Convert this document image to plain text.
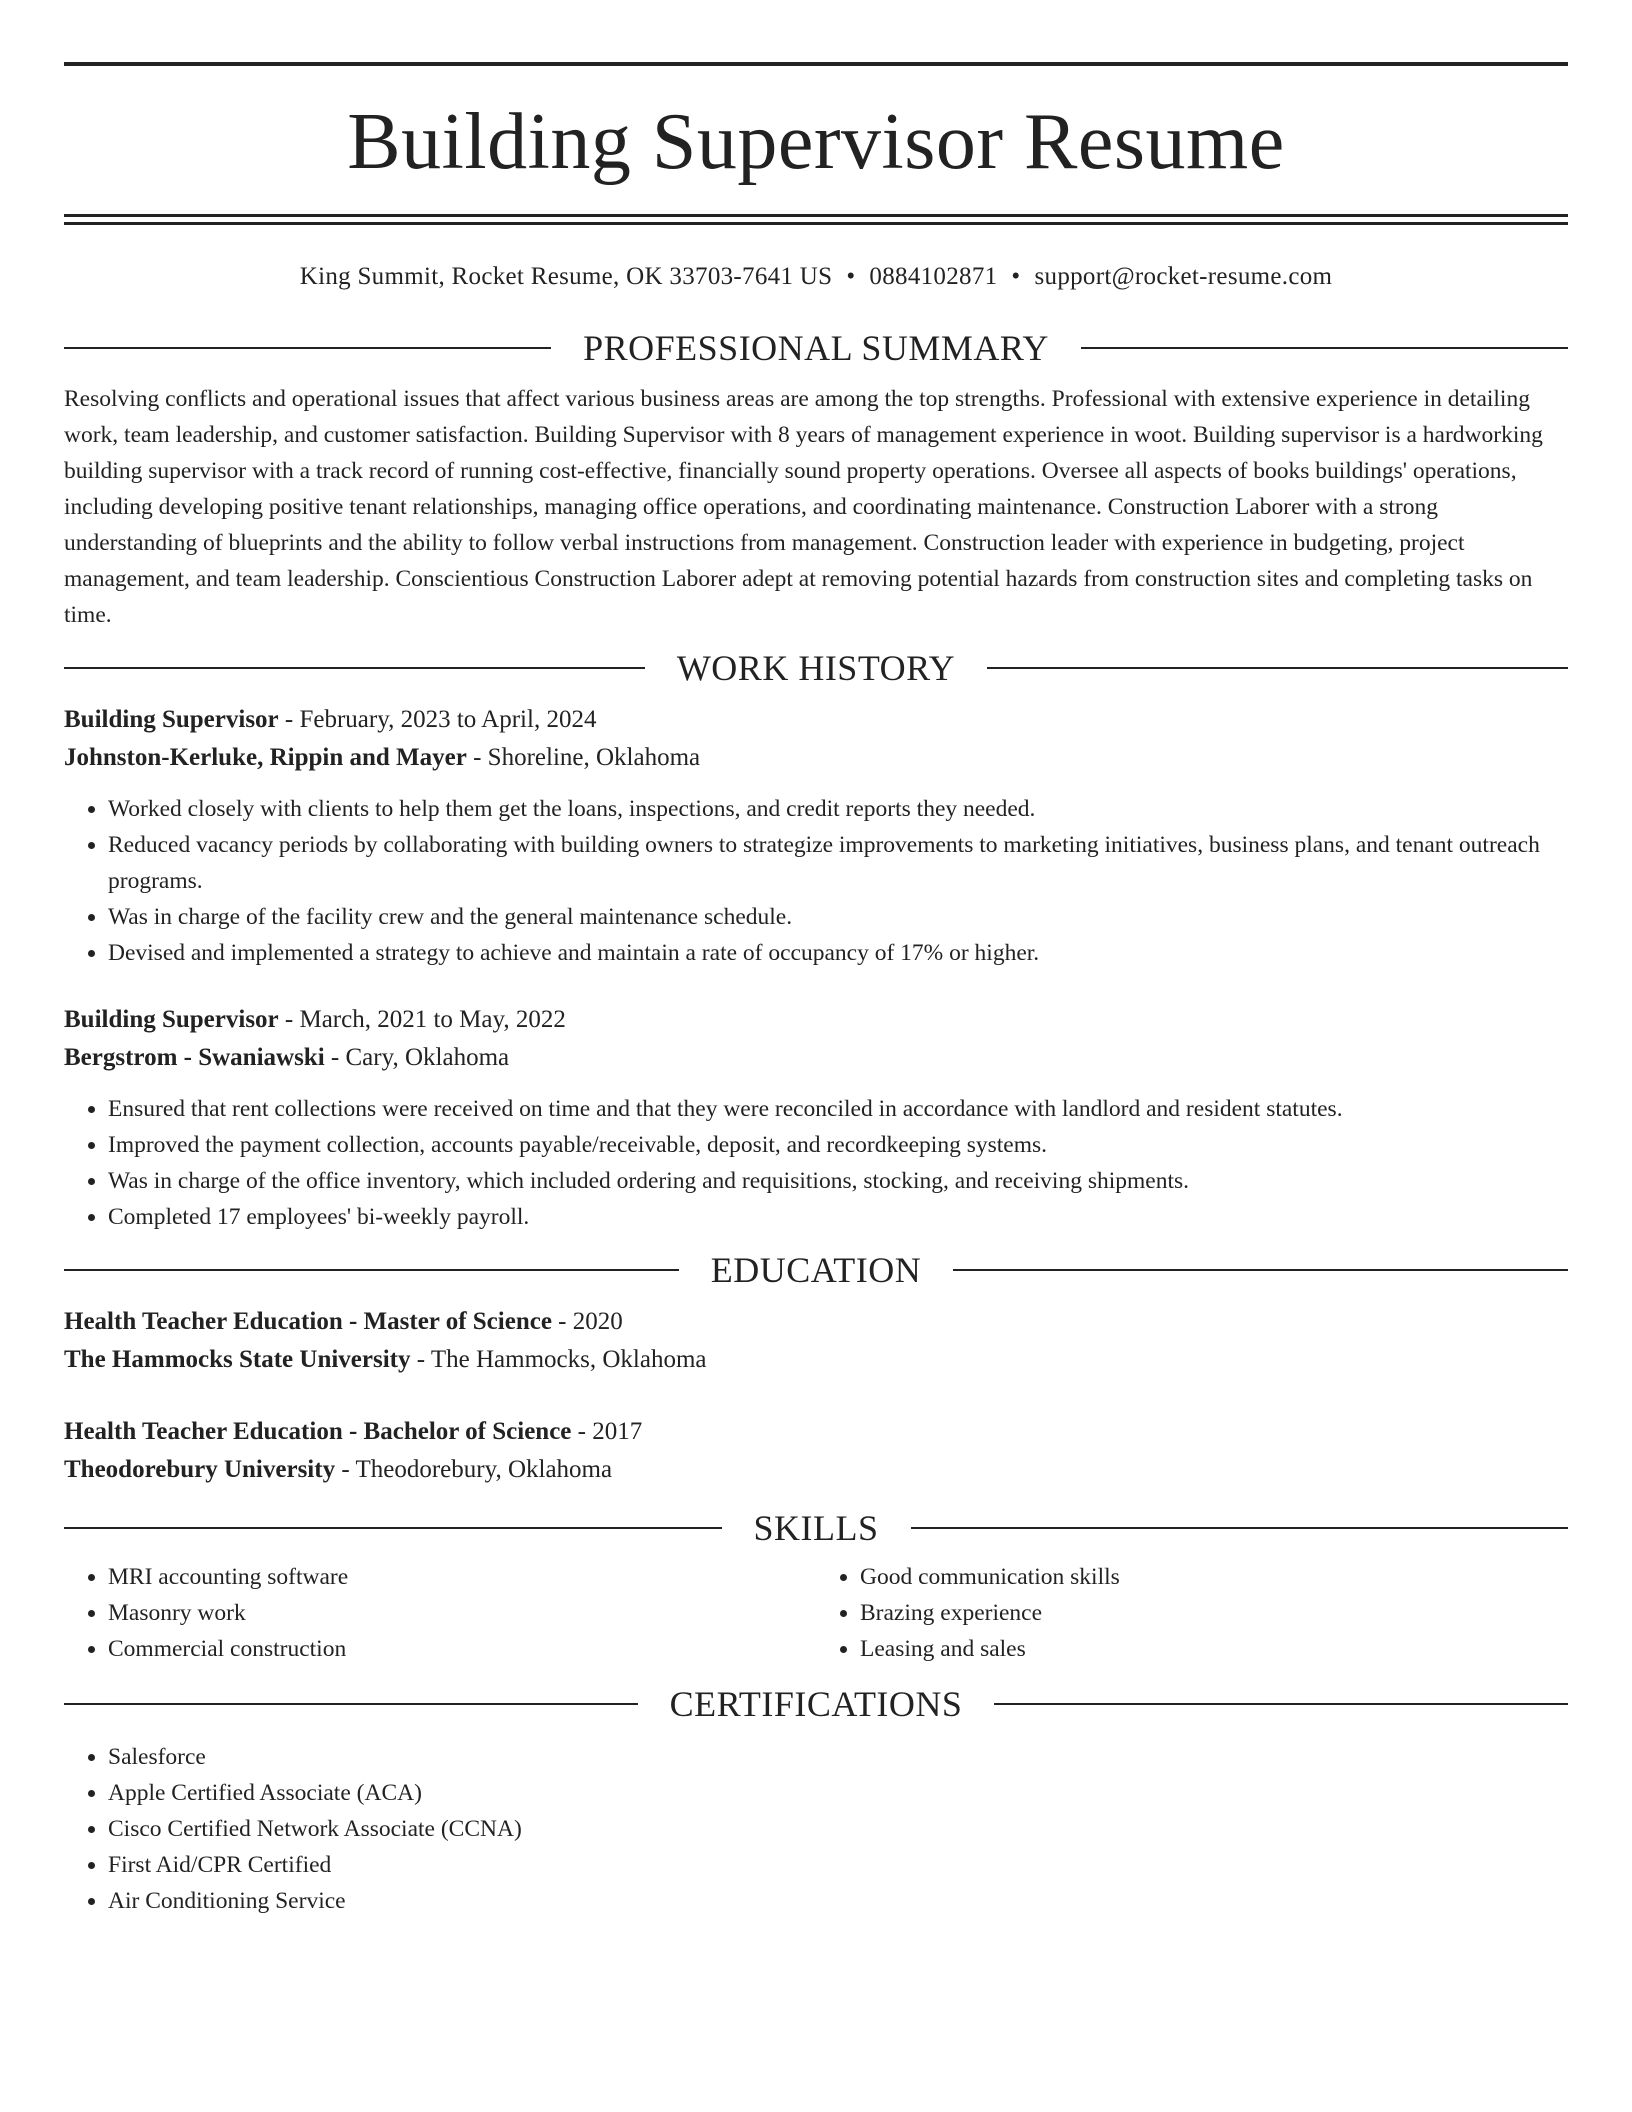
Building Supervisor Resume
King Summit, Rocket Resume, OK 33703-7641 US • 0884102871 • support@rocket-resume.com
PROFESSIONAL SUMMARY

Resolving conflicts and operational issues that affect various business areas are among the top strengths. Professional with extensive experience in detailing work, team leadership, and customer satisfaction. Building Supervisor with 8 years of management experience in woot. Building supervisor is a hardworking building supervisor with a track record of running cost-effective, financially sound property operations. Oversee all aspects of books buildings' operations, including developing positive tenant relationships, managing office operations, and coordinating maintenance. Construction Laborer with a strong understanding of blueprints and the ability to follow verbal instructions from management. Construction leader with experience in budgeting, project management, and team leadership. Conscientious Construction Laborer adept at removing potential hazards from construction sites and completing tasks on time.

WORK HISTORY
Building Supervisor - February, 2023 to April, 2024
Johnston-Kerluke, Rippin and Mayer - Shoreline, Oklahoma
• Worked closely with clients to help them get the loans, inspections, and credit reports they needed.
• Reduced vacancy periods by collaborating with building owners to strategize improvements to marketing initiatives, business plans, and tenant outreach programs.
• Was in charge of the facility crew and the general maintenance schedule.
• Devised and implemented a strategy to achieve and maintain a rate of occupancy of 17% or higher.
Building Supervisor - March, 2021 to May, 2022
Bergstrom - Swaniawski - Cary, Oklahoma
• Ensured that rent collections were received on time and that they were reconciled in accordance with landlord and resident statutes.
• Improved the payment collection, accounts payable/receivable, deposit, and recordkeeping systems.
• Was in charge of the office inventory, which included ordering and requisitions, stocking, and receiving shipments.
• Completed 17 employees' bi-weekly payroll.
EDUCATION
Health Teacher Education - Master of Science - 2020
The Hammocks State University - The Hammocks, Oklahoma
Health Teacher Education - Bachelor of Science - 2017
Theodorebury University - Theodorebury, Oklahoma
SKILLS
• MRI accounting software
• Masonry work
• Commercial construction
• Good communication skills
• Brazing experience
• Leasing and sales
CERTIFICATIONS
• Salesforce
• Apple Certified Associate (ACA)
• Cisco Certified Network Associate (CCNA)
• First Aid/CPR Certified
• Air Conditioning Service
